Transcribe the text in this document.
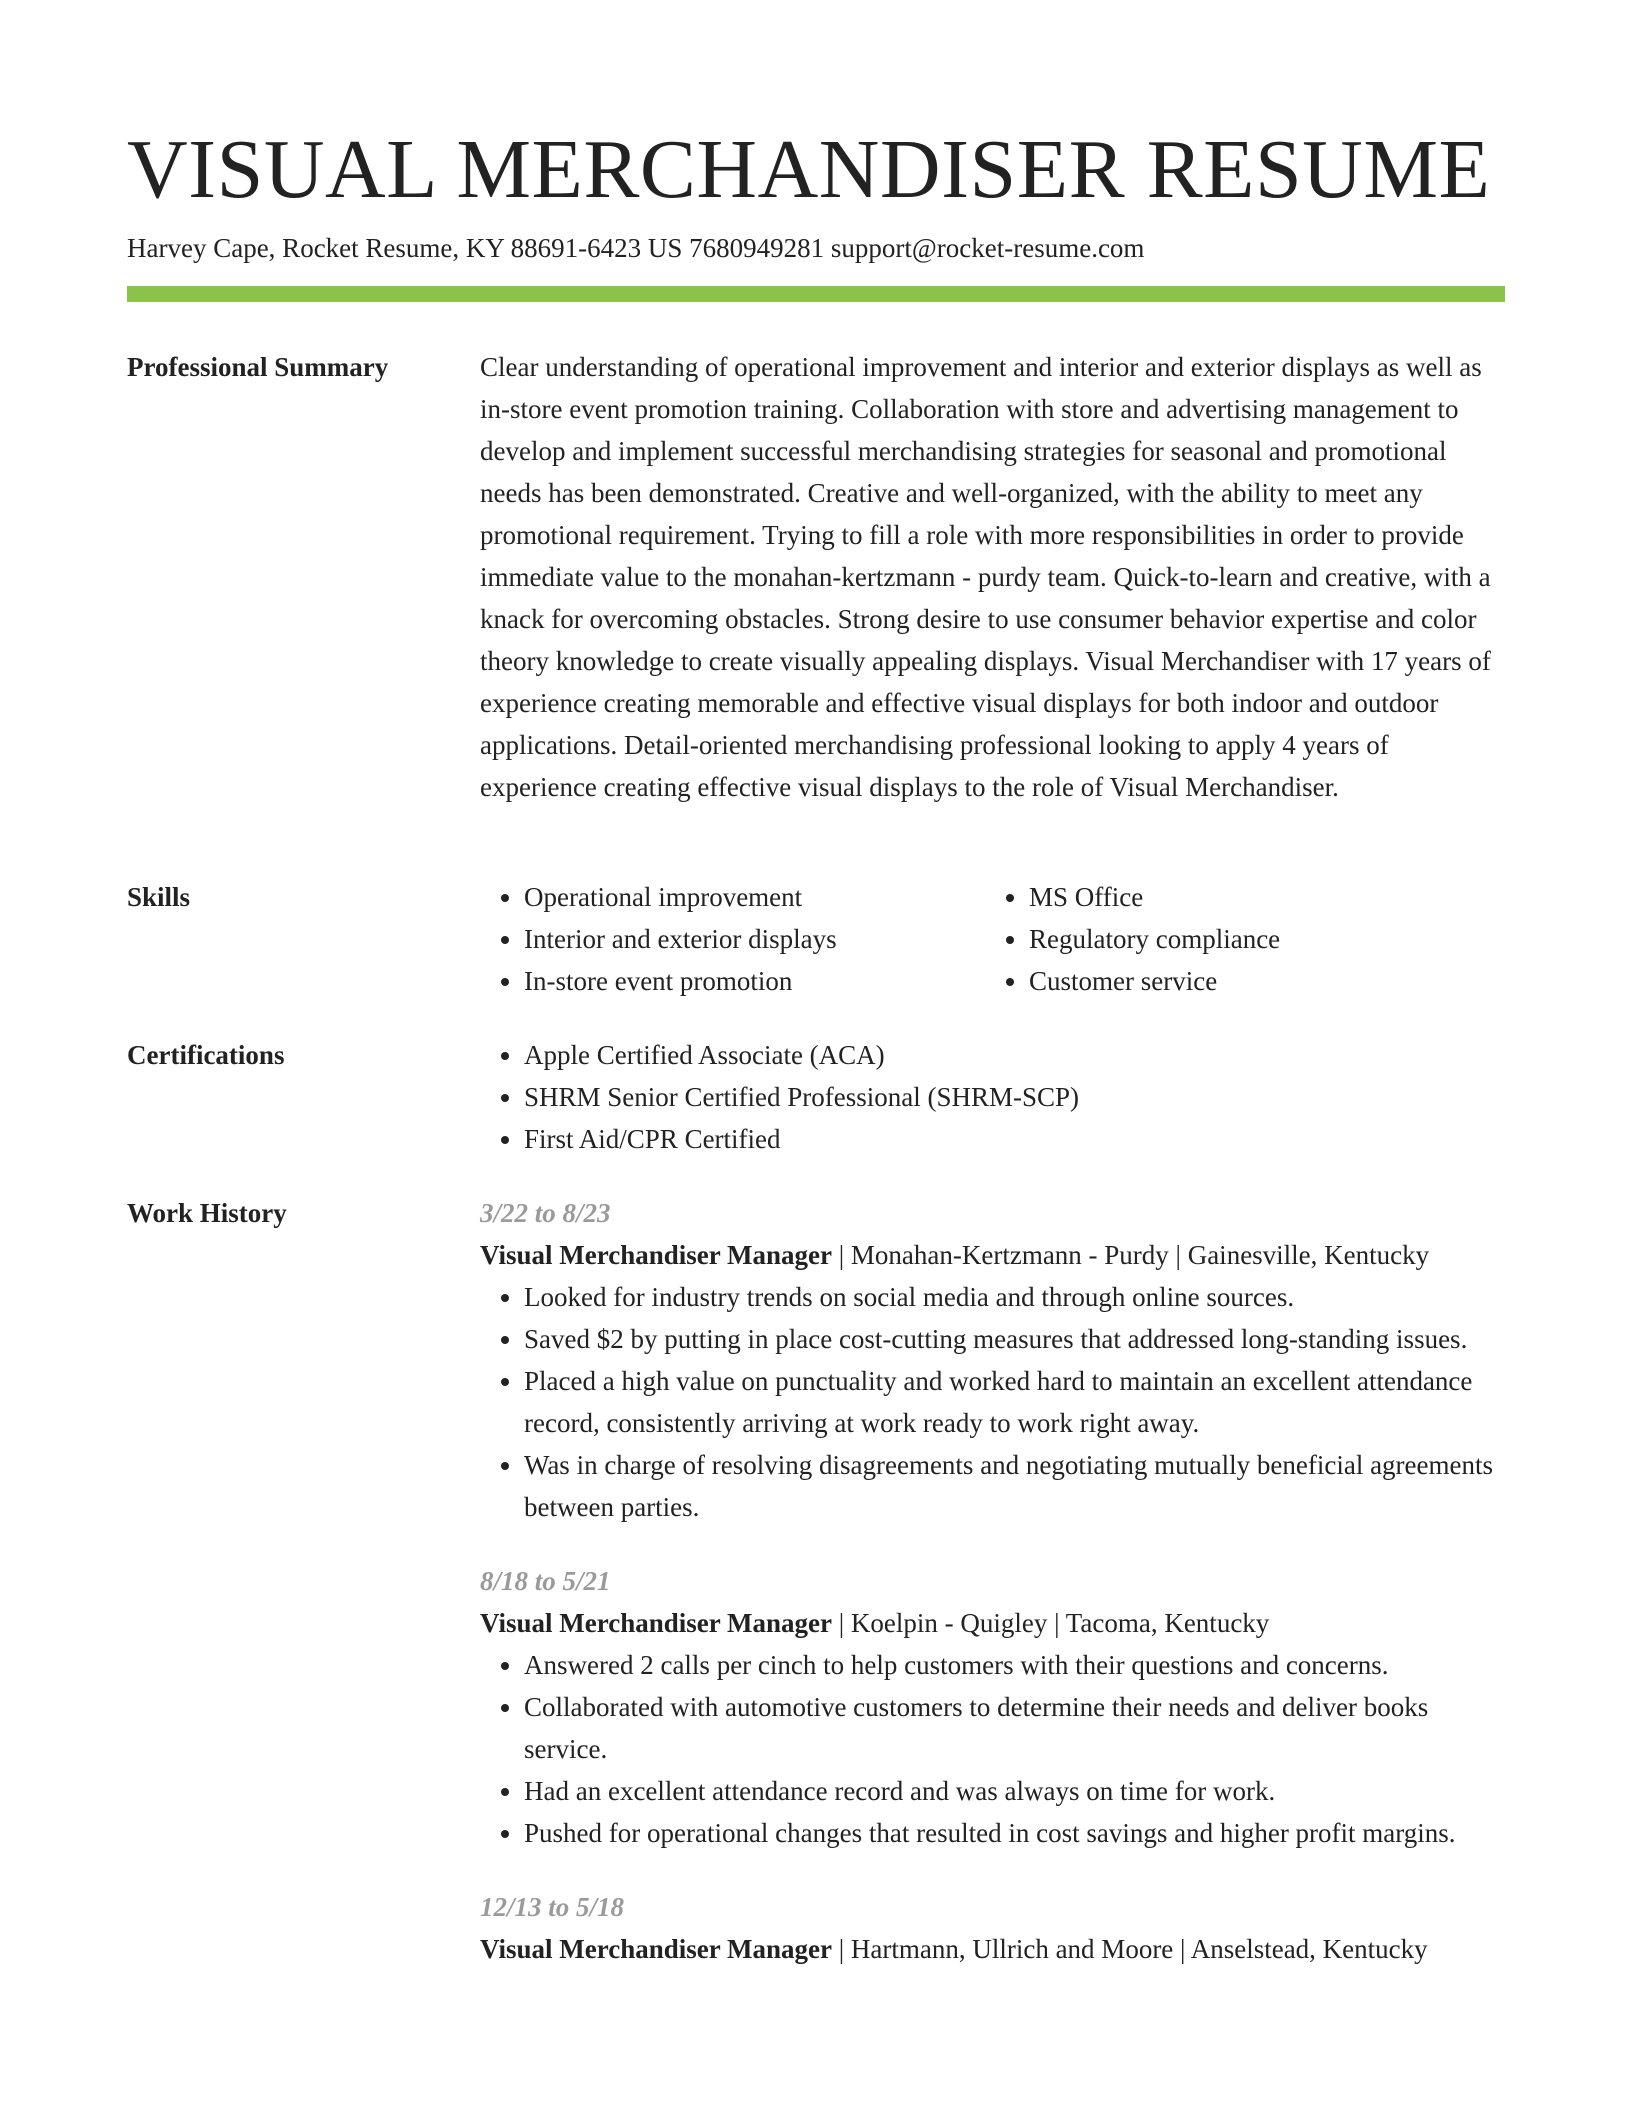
VISUAL MERCHANDISER RESUME
Harvey Cape, Rocket Resume, KY 88691-6423 US 7680949281 support@rocket-resume.com
Professional Summary	Clear understanding of operational improvement and interior and exterior displays as well as in-store event promotion training. Collaboration with store and advertising management to develop and implement successful merchandising strategies for seasonal and promotional needs has been demonstrated. Creative and well-organized, with the ability to meet any promotional requirement. Trying to fill a role with more responsibilities in order to provide immediate value to the monahan-kertzmann - purdy team. Quick-to-learn and creative, with a knack for overcoming obstacles. Strong desire to use consumer behavior expertise and color theory knowledge to create visually appealing displays. Visual Merchandiser with 17 years of experience creating memorable and effective visual displays for both indoor and outdoor applications. Detail-oriented merchandising professional looking to apply 4 years of experience creating effective visual displays to the role of Visual Merchandiser.

Skills	• Operational improvement
• Interior and exterior displays
• In-store event promotion
• MS Office
• Regulatory compliance
• Customer service
Certifications	• Apple Certified Associate (ACA)
• SHRM Senior Certified Professional (SHRM-SCP)
• First Aid/CPR Certified
Work History	3/22 to 8/23
Visual Merchandiser Manager | Monahan-Kertzmann - Purdy | Gainesville, Kentucky
• Looked for industry trends on social media and through online sources.
• Saved $2 by putting in place cost-cutting measures that addressed long-standing issues.
• Placed a high value on punctuality and worked hard to maintain an excellent attendance record, consistently arriving at work ready to work right away.
• Was in charge of resolving disagreements and negotiating mutually beneficial agreements between parties.
8/18 to 5/21
Visual Merchandiser Manager | Koelpin - Quigley | Tacoma, Kentucky
• Answered 2 calls per cinch to help customers with their questions and concerns.
• Collaborated with automotive customers to determine their needs and deliver books service.
• Had an excellent attendance record and was always on time for work.
• Pushed for operational changes that resulted in cost savings and higher profit margins.
12/13 to 5/18
Visual Merchandiser Manager | Hartmann, Ullrich and Moore | Anselstead, Kentucky
